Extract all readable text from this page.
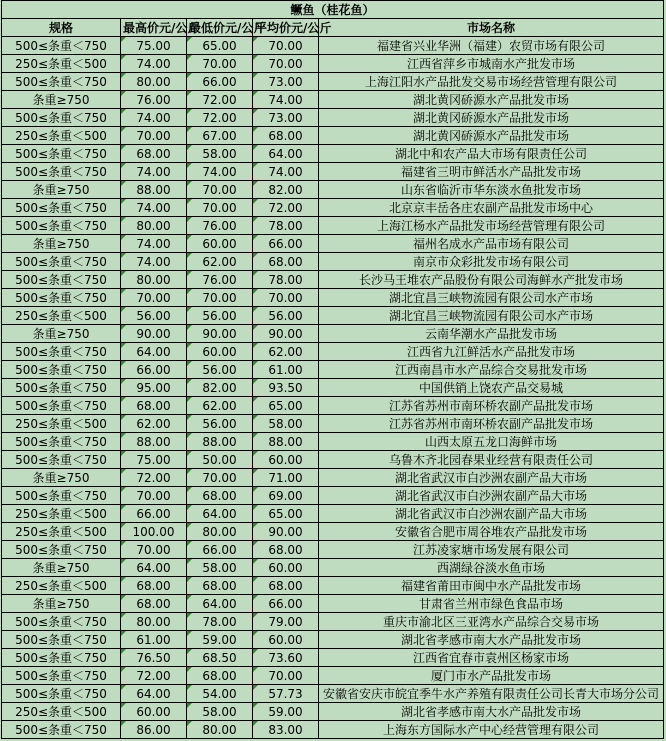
鳜鱼（桂花鱼）				
规格	最高价元/公斤	最低价元/公斤	平均价元/公斤	市场名称
500≤条重＜750	75.00	65.00	70.00	福建省兴业华洲（福建）农贸市场有限公司
250≤条重＜500	74.00	70.00	70.00	江西省萍乡市城南水产批发市场
500≤条重＜750	80.00	66.00	73.00	上海江阳水产品批发交易市场经营管理有限公司
条重≥750	76.00	72.00	74.00	湖北黄冈硚源水产品批发市场
500≤条重＜750	74.00	72.00	73.00	湖北黄冈硚源水产品批发市场
250≤条重＜500	70.00	67.00	68.00	湖北黄冈硚源水产品批发市场
500≤条重＜750	68.00	58.00	64.00	湖北中和农产品大市场有限责任公司
500≤条重＜750	74.00	74.00	74.00	福建省三明市鲜活水产品批发市场
条重≥750	88.00	70.00	82.00	山东省临沂市华东淡水鱼批发市场
500≤条重＜750	74.00	70.00	72.00	北京京丰岳各庄农副产品批发市场中心
500≤条重＜750	80.00	76.00	78.00	上海江杨水产品批发市场经营管理有限公司
条重≥750	74.00	60.00	66.00	福州名成水产品市场有限公司
500≤条重＜750	74.00	62.00	68.00	南京市众彩批发市场有限公司
500≤条重＜750	80.00	76.00	78.00	长沙马王堆农产品股份有限公司海鲜水产批发市场
500≤条重＜750	70.00	70.00	70.00	湖北宜昌三峡物流园有限公司水产市场
250≤条重＜500	56.00	56.00	56.00	湖北宜昌三峡物流园有限公司水产市场
条重≥750	90.00	90.00	90.00	云南华潮水产品批发市场
500≤条重＜750	64.00	60.00	62.00	江西省九江鲜活水产品批发市场
500≤条重＜750	66.00	56.00	61.00	江西南昌市水产品综合交易批发市场
500≤条重＜750	95.00	82.00	93.50	中国供销上饶农产品交易城
500≤条重＜750	68.00	62.00	65.00	江苏省苏州市南环桥农副产品批发市场
250≤条重＜500	62.00	56.00	58.00	江苏省苏州市南环桥农副产品批发市场
500≤条重＜750	88.00	88.00	88.00	山西太原五龙口海鲜市场
500≤条重＜750	75.00	50.00	60.00	乌鲁木齐北园春果业经营有限责任公司
条重≥750	72.00	70.00	71.00	湖北省武汉市白沙洲农副产品大市场
500≤条重＜750	70.00	68.00	69.00	湖北省武汉市白沙洲农副产品大市场
250≤条重＜500	66.00	64.00	65.00	湖北省武汉市白沙洲农副产品大市场
250≤条重＜500	100.00	80.00	90.00	安徽省合肥市周谷堆农产品批发市场
500≤条重＜750	70.00	66.00	68.00	江苏凌家塘市场发展有限公司
条重≥750	64.00	58.00	60.00	西湖绿谷淡水鱼市场
250≤条重＜500	68.00	68.00	68.00	福建省莆田市闽中水产品批发市场
条重≥750	68.00	64.00	66.00	甘肃省兰州市绿色食品市场
500≤条重＜750	80.00	78.00	79.00	重庆市渝北区三亚湾水产品综合交易市场
500≤条重＜750	61.00	59.00	60.00	湖北省孝感市南大水产品批发市场
500≤条重＜750	76.50	68.50	73.60	江西省宜春市袁州区杨家市场
500≤条重＜750	72.00	68.00	70.00	厦门市水产品批发市场
500≤条重＜750	64.00	54.00	57.73	安徽省安庆市皖宜季牛水产养殖有限责任公司长青大市场分公司
250≤条重＜500	60.00	58.00	59.00	湖北省孝感市南大水产品批发市场
500≤条重＜750	86.00	80.00	83.00	上海东方国际水产中心经营管理有限公司
